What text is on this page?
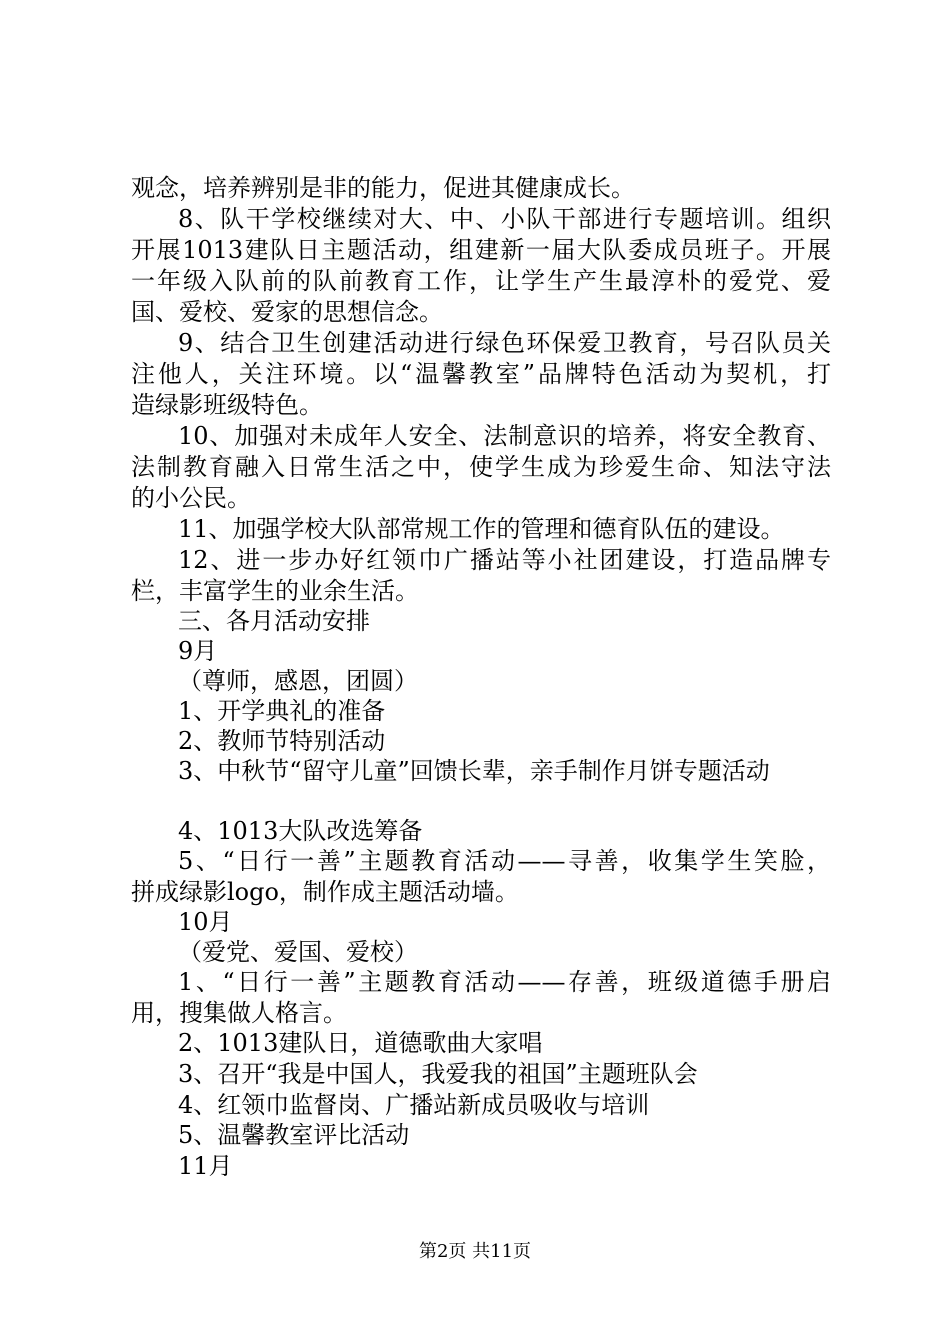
观念，培养辨别是非的能力，促进其健康成长。
8、队干学校继续对大、中、小队干部进行专题培训。组织
开展1013建队日主题活动，组建新一届大队委成员班子。开展
一年级入队前的队前教育工作，让学生产生最淳朴的爱党、爱
国、爱校、爱家的思想信念。
9、结合卫生创建活动进行绿色环保爱卫教育，号召队员关
注他人，关注环境。以“温馨教室”品牌特色活动为契机，打
造绿影班级特色。
10、加强对未成年人安全、法制意识的培养，将安全教育、
法制教育融入日常生活之中，使学生成为珍爱生命、知法守法
的小公民。
11、加强学校大队部常规工作的管理和德育队伍的建设。
12、进一步办好红领巾广播站等小社团建设，打造品牌专
栏，丰富学生的业余生活。
三、各月活动安排
9月
（尊师，感恩，团圆）
1、开学典礼的准备
2、教师节特别活动
3、中秋节“留守儿童”回馈长辈，亲手制作月饼专题活动
4、1013大队改选筹备
5、“日行一善”主题教育活动——寻善，收集学生笑脸，
拼成绿影logo，制作成主题活动墙。
10月
（爱党、爱国、爱校）
1、“日行一善”主题教育活动——存善，班级道德手册启
用，搜集做人格言。
2、1013建队日，道德歌曲大家唱
3、召开“我是中国人，我爱我的祖国”主题班队会
4、红领巾监督岗、广播站新成员吸收与培训
5、温馨教室评比活动
11月
第2页 共11页
